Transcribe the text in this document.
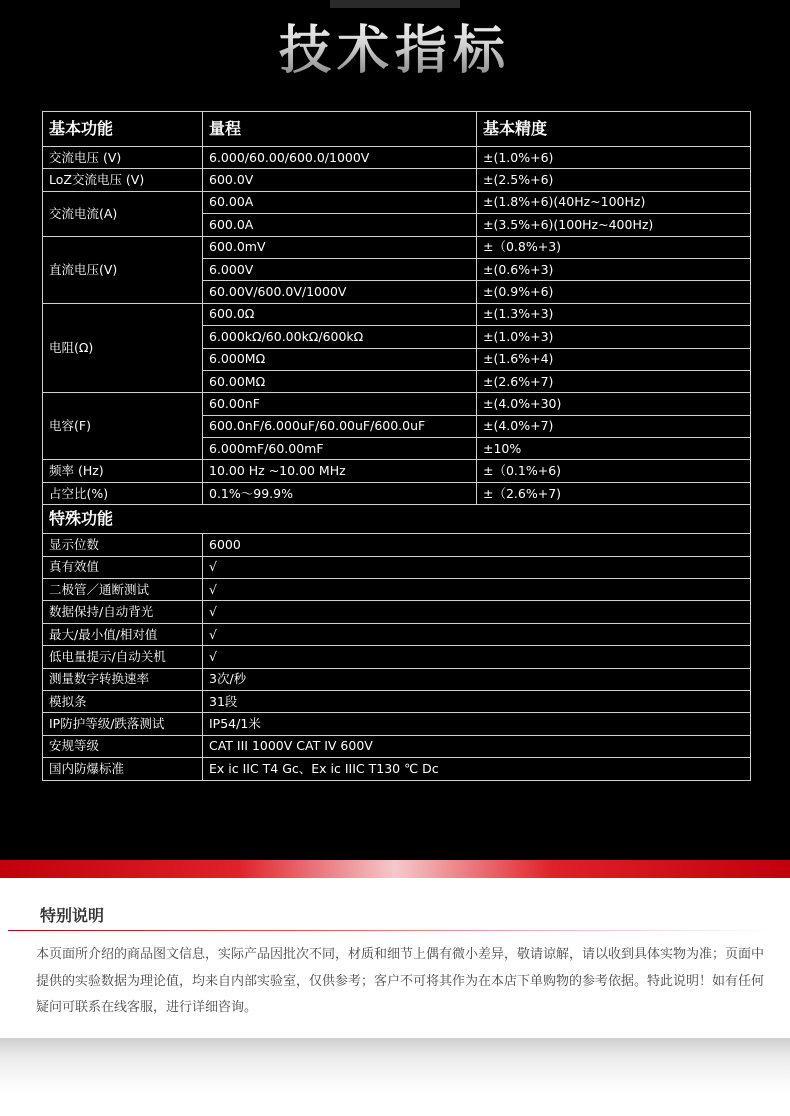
技术指标
基本功能	量程	基本精度
交流电压 (V)	6.000/60.00/600.0/1000V	±(1.0%+6)
LoZ交流电压 (V)	600.0V	±(2.5%+6)
交流电流(A)	60.00A	±(1.8%+6)(40Hz~100Hz)
	600.0A	±(3.5%+6)(100Hz~400Hz)
直流电压(V)	600.0mV	±（0.8%+3)
	6.000V	±(0.6%+3)
	60.00V/600.0V/1000V	±(0.9%+6)
电阻(Ω)	600.0Ω	±(1.3%+3)
	6.000kΩ/60.00kΩ/600kΩ	±(1.0%+3)
	6.000MΩ	±(1.6%+4)
	60.00MΩ	±(2.6%+7)
电容(F)	60.00nF	±(4.0%+30)
	600.0nF/6.000uF/60.00uF/600.0uF	±(4.0%+7)
	6.000mF/60.00mF	±10%
频率 (Hz)	10.00 Hz ~10.00 MHz	±（0.1%+6)
占空比(%)	0.1%～99.9%	±（2.6%+7)
特殊功能		
显示位数	6000	
真有效值	√	
二极管／通断测试	√	
数据保持/自动背光	√	
最大/最小值/相对值	√	
低电量提示/自动关机	√	
测量数字转换速率	3次/秒	
模拟条	31段	
IP防护等级/跌落测试	IP54/1米	
安规等级	CAT III 1000V CAT IV 600V	
国内防爆标准	Ex ic IIC T4 Gc、Ex ic IIIC T130 ℃ Dc	
特别说明
本页面所介绍的商品图文信息，实际产品因批次不同，材质和细节上偶有微小差异，敬请谅解，请以收到具体实物为准；页面中提供的实验数据为理论值，均来自内部实验室，仅供参考；客户不可将其作为在本店下单购物的参考依据。特此说明！如有任何疑问可联系在线客服，进行详细咨询。
